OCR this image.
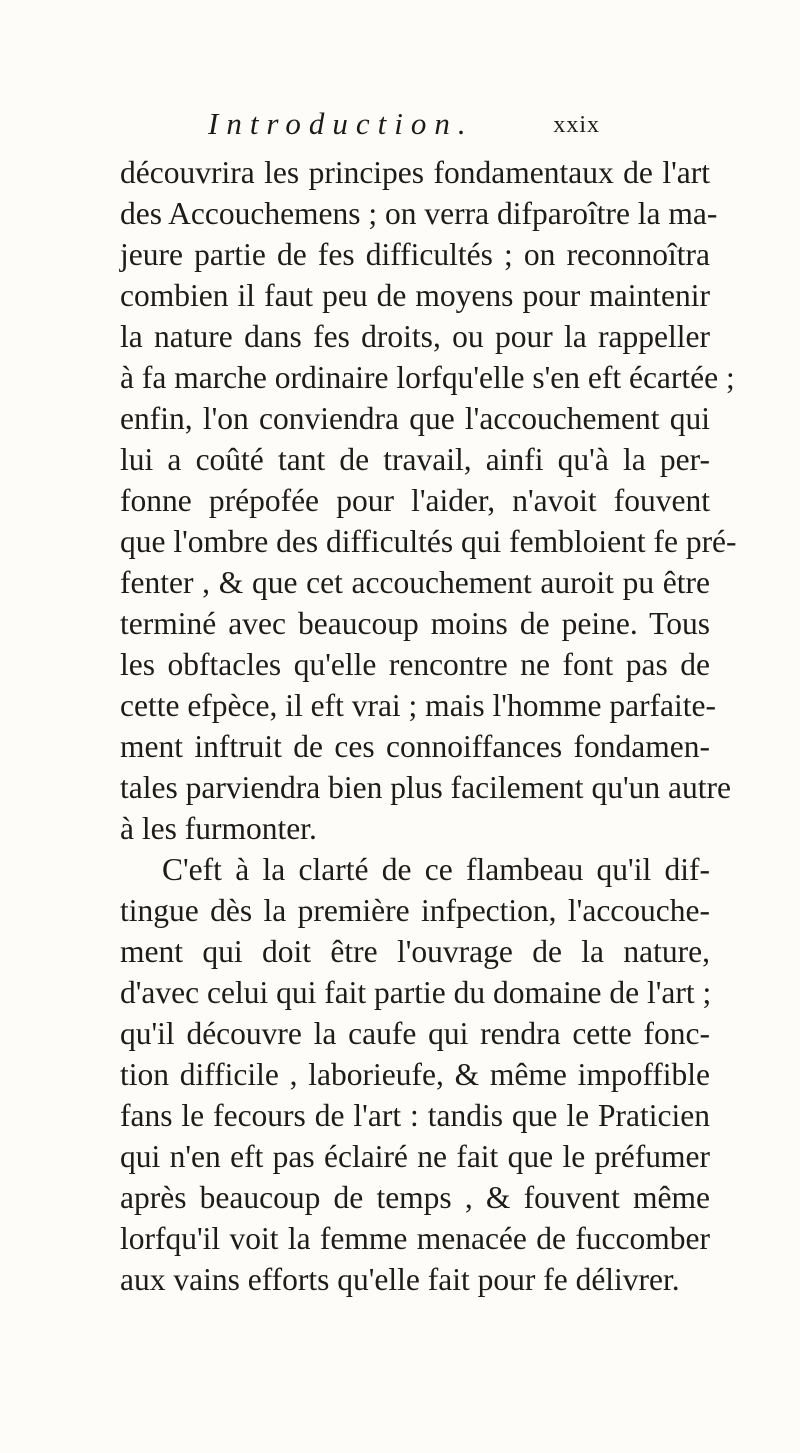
Introduction.	xxix
découvrira les principes fondamentaux de l'art
des Accouchemens ; on verra difparoître la ma-
jeure partie de fes difficultés ; on reconnoîtra
combien il faut peu de moyens pour maintenir
la nature dans fes droits, ou pour la rappeller
à fa marche ordinaire lorfqu'elle s'en eft écartée ;
enfin, l'on conviendra que l'accouchement qui
lui a coûté tant de travail, ainfi qu'à la per-
fonne prépofée pour l'aider, n'avoit fouvent
que l'ombre des difficultés qui fembloient fe pré-
fenter , & que cet accouchement auroit pu être
terminé avec beaucoup moins de peine. Tous
les obftacles qu'elle rencontre ne font pas de
cette efpèce, il eft vrai ; mais l'homme parfaite-
ment inftruit de ces connoiffances fondamen-
tales parviendra bien plus facilement qu'un autre
à les furmonter.
C'eft à la clarté de ce flambeau qu'il dif-
tingue dès la première infpection, l'accouche-
ment qui doit être l'ouvrage de la nature,
d'avec celui qui fait partie du domaine de l'art ;
qu'il découvre la caufe qui rendra cette fonc-
tion difficile , laborieufe, & même impoffible
fans le fecours de l'art : tandis que le Praticien
qui n'en eft pas éclairé ne fait que le préfumer
après beaucoup de temps , & fouvent même
lorfqu'il voit la femme menacée de fuccomber
aux vains efforts qu'elle fait pour fe délivrer.
